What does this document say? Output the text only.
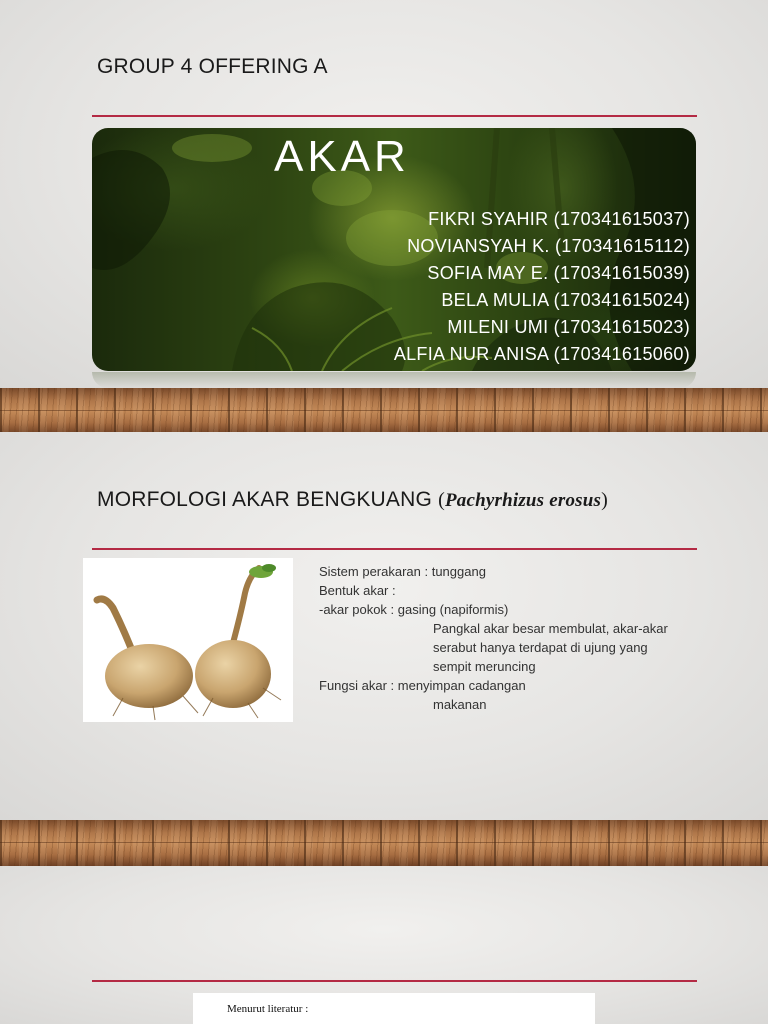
GROUP 4 OFFERING A
AKAR
FIKRI SYAHIR (170341615037)
NOVIANSYAH K. (170341615112)
SOFIA MAY E. (170341615039)
BELA MULIA (170341615024)
MILENI UMI (170341615023)
ALFIA NUR ANISA (170341615060)
MORFOLOGI AKAR BENGKUANG (Pachyrhizus erosus)
Sistem perakaran : tunggang
Bentuk akar :
-akar pokok : gasing (napiformis)
Pangkal akar besar membulat, akar-akar
serabut hanya terdapat di ujung yang
sempit meruncing
Fungsi akar : menyimpan cadangan
makanan

Menurut literatur :
